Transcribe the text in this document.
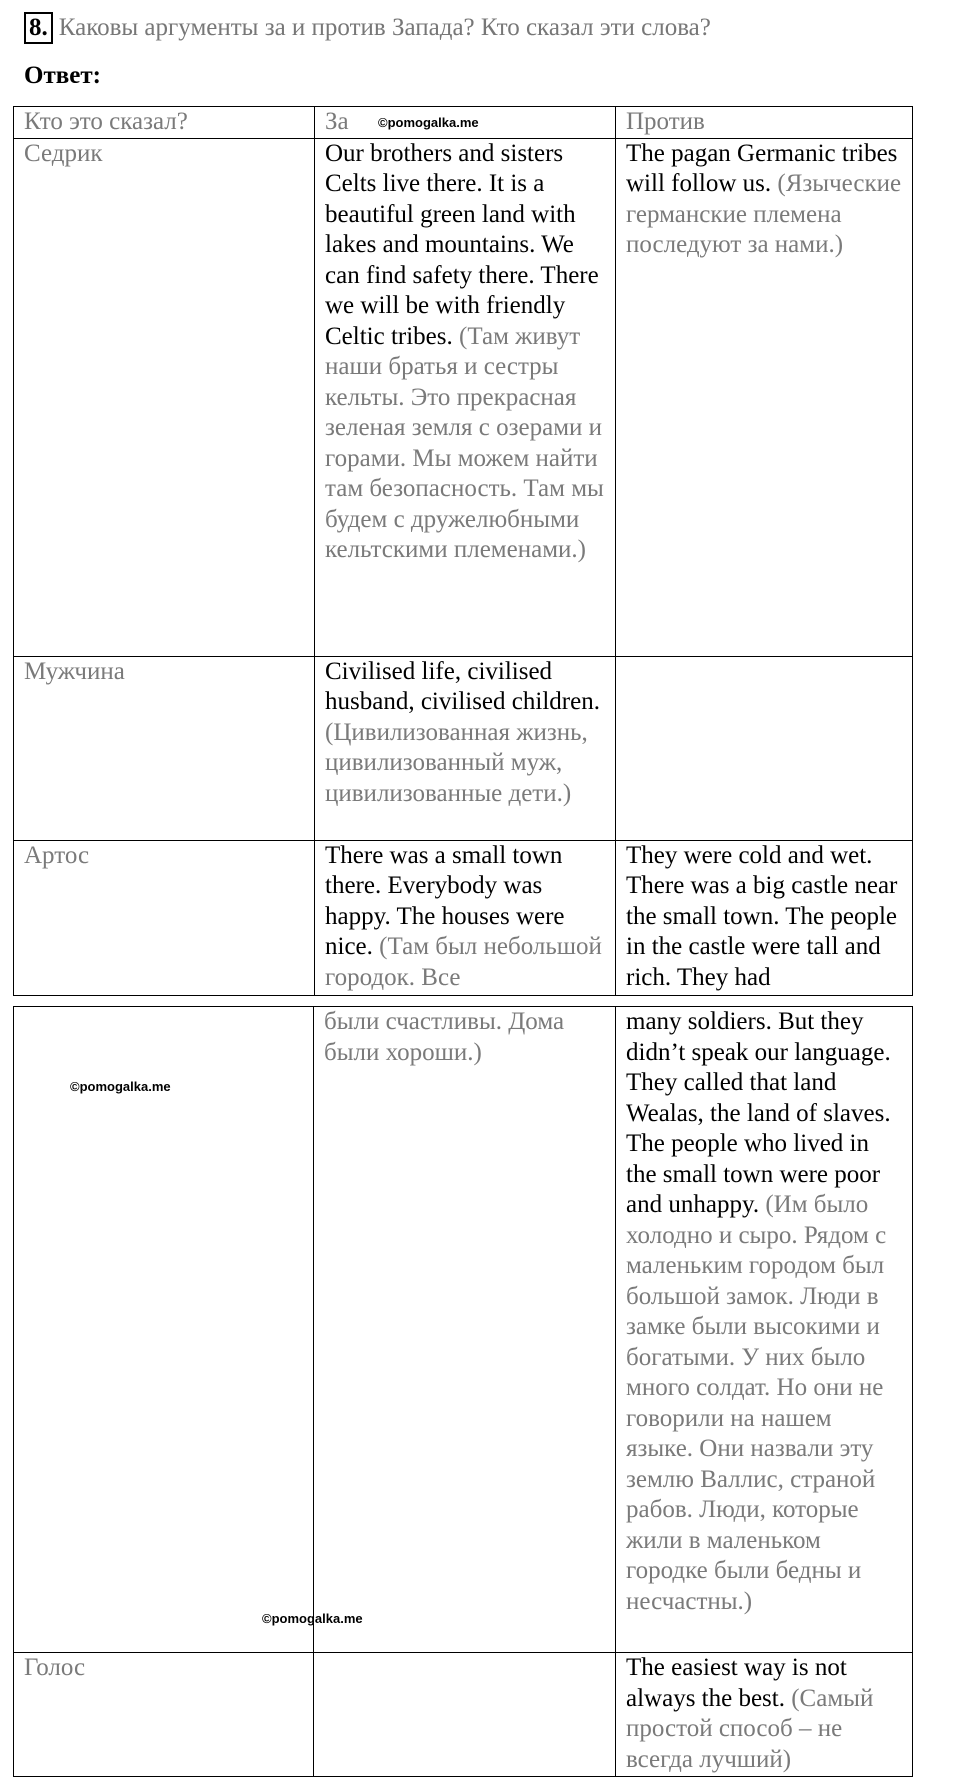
8. Каковы аргументы за и против Запада? Кто сказал эти слова?
Ответ:
Кто это сказал?	За	Против
Седрик	Our brothers and sisters Celts live there. It is a beautiful green land with lakes and mountains. We can find safety there. There we will be with friendly Celtic tribes. (Там живут наши братья и сестры кельты. Это прекрасная зеленая земля с озерами и горами. Мы можем найти там безопасность. Там мы будем с дружелюбными кельтскими племенами.)	The pagan Germanic tribes will follow us. (Языческие германские племена последуют за нами.)
Мужчина	Civilised life, civilised husband, civilised children. (Цивилизованная жизнь, цивилизованный муж, цивилизованные дети.)	
Артос	There was a small town there. Everybody was happy. The houses were nice. (Там был небольшой городок. Все	They were cold and wet. There was a big castle near the small town. The people in the castle were tall and rich. They had
	были счастливы. Дома были хороши.)	many soldiers. But they didn’t speak our language. They called that land Wealas, the land of slaves. The people who lived in the small town were poor and unhappy. (Им было холодно и сыро. Рядом с маленьким городом был большой замок. Люди в замке были высокими и богатыми. У них было много солдат. Но они не говорили на нашем языке. Они назвали эту землю Валлис, страной рабов. Люди, которые жили в маленьком городке были бедны и несчастны.)
Голос		The easiest way is not always the best. (Самый простой способ – не всегда лучший)
©pomogalka.me
©pomogalka.me
©pomogalka.me
